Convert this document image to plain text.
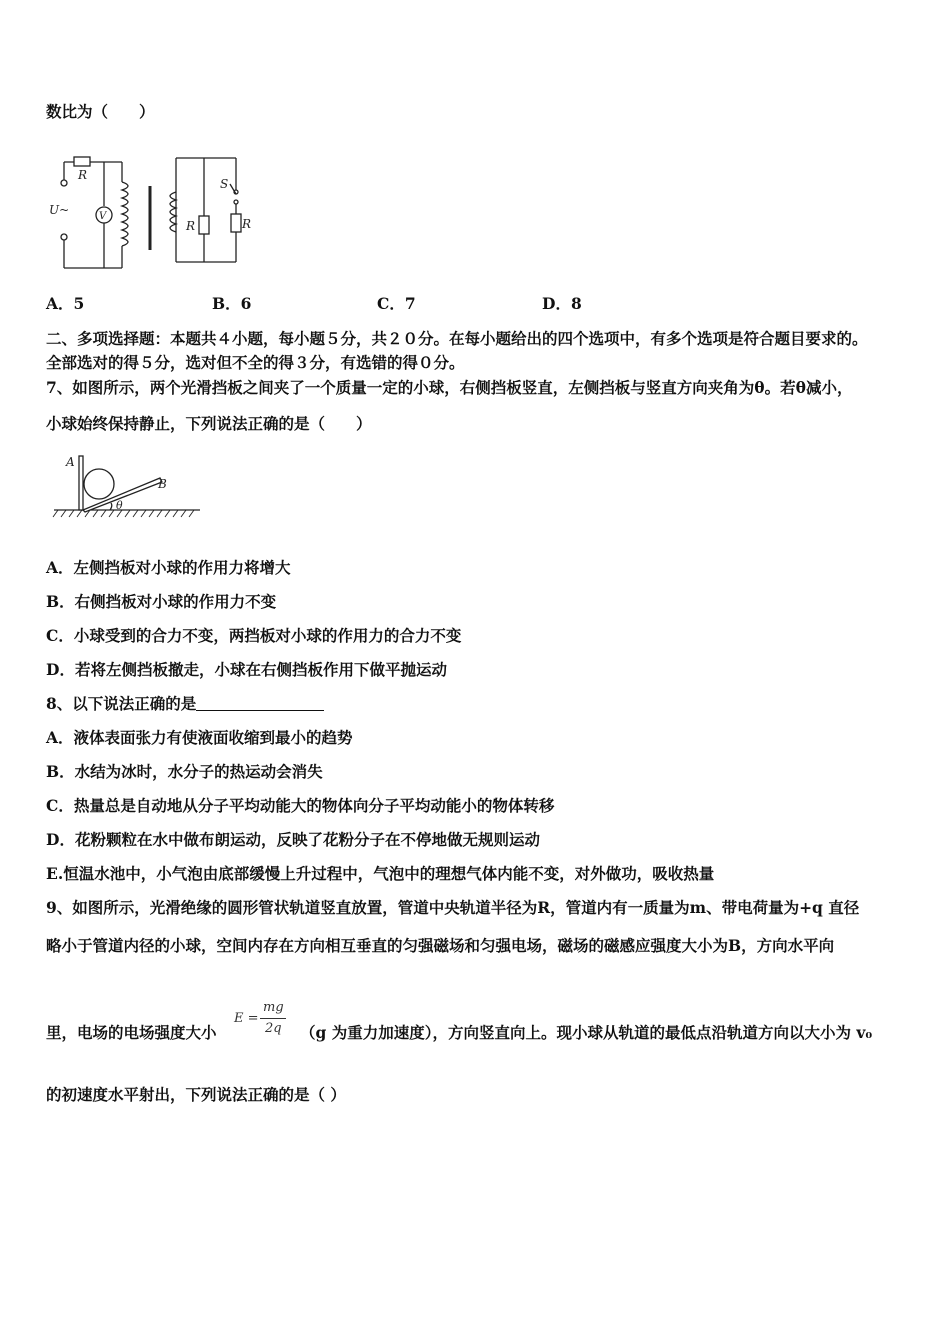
数比为（　　）
R
U~	V
S
R	R
A．5	B．6	C．7	D．8
二、多项选择题：本题共４小题，每小题５分，共２０分。在每小题给出的四个选项中，有多个选项是符合题目要求的。
全部选对的得５分，选对但不全的得３分，有选错的得０分。
7、如图所示，两个光滑挡板之间夹了一个质量一定的小球，右侧挡板竖直，左侧挡板与竖直方向夹角为θ。若θ减小，
小球始终保持静止，下列说法正确的是（　　）
A
B
θ
A．左侧挡板对小球的作用力将增大
B．右侧挡板对小球的作用力不变
C．小球受到的合力不变，两挡板对小球的作用力的合力不变
D．若将左侧挡板撤走，小球在右侧挡板作用下做平抛运动
8、以下说法正确的是
A．液体表面张力有使液面收缩到最小的趋势
B．水结为冰时，水分子的热运动会消失
C．热量总是自动地从分子平均动能大的物体向分子平均动能小的物体转移
D．花粉颗粒在水中做布朗运动，反映了花粉分子在不停地做无规则运动
E.恒温水池中，小气泡由底部缓慢上升过程中，气泡中的理想气体内能不变，对外做功，吸收热量
9、如图所示，光滑绝缘的圆形管状轨道竖直放置，管道中央轨道半径为R，管道内有一质量为m、带电荷量为+q 直径
略小于管道内径的小球，空间内存在方向相互垂直的匀强磁场和匀强电场，磁场的磁感应强度大小为B，方向水平向
里，电场的电场强度大小
E =
mg
2q （g 为重力加速度），方向竖直向上。现小球从轨道的最低点沿轨道方向以大小为 v₀
的初速度水平射出，下列说法正确的是（ ）
